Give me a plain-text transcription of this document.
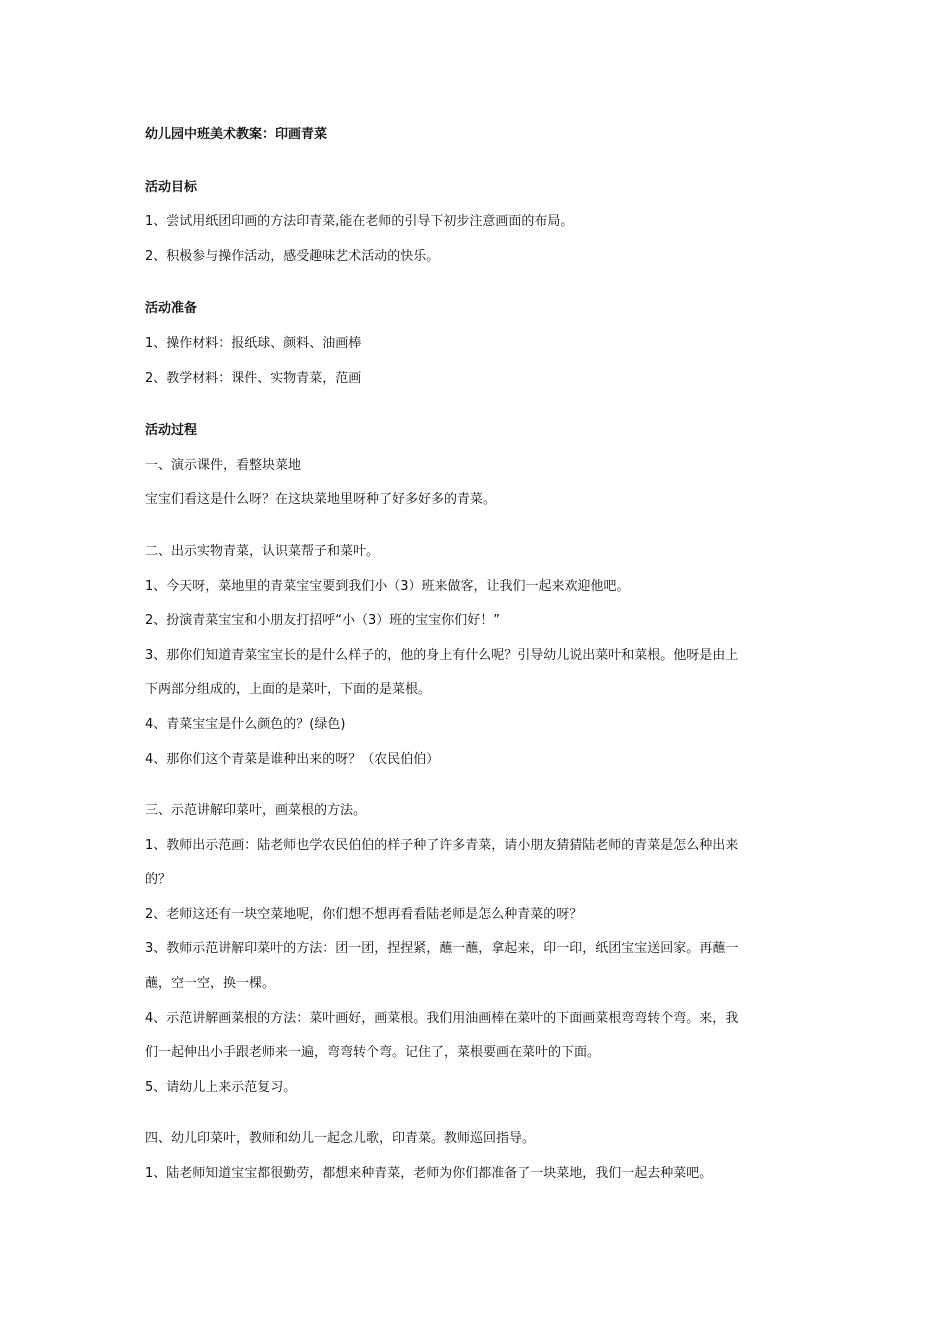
幼儿园中班美术教案：印画青菜
活动目标
1、尝试用纸团印画的方法印青菜,能在老师的引导下初步注意画面的布局。
2、积极参与操作活动，感受趣味艺术活动的快乐。
活动准备
1、操作材料：报纸球、颜料、油画棒
2、教学材料：课件、实物青菜，范画
活动过程
一、演示课件，看整块菜地
宝宝们看这是什么呀？在这块菜地里呀种了好多好多的青菜。
二、出示实物青菜，认识菜帮子和菜叶。
1、今天呀，菜地里的青菜宝宝要到我们小（3）班来做客，让我们一起来欢迎他吧。
2、扮演青菜宝宝和小朋友打招呼“小（3）班的宝宝你们好！”
3、那你们知道青菜宝宝长的是什么样子的，他的身上有什么呢？引导幼儿说出菜叶和菜根。他呀是由上
下两部分组成的，上面的是菜叶，下面的是菜根。
4、青菜宝宝是什么颜色的？(绿色)
4、那你们这个青菜是谁种出来的呀？（农民伯伯）
三、示范讲解印菜叶，画菜根的方法。
1、教师出示范画：陆老师也学农民伯伯的样子种了许多青菜，请小朋友猜猜陆老师的青菜是怎么种出来
的？
2、老师这还有一块空菜地呢，你们想不想再看看陆老师是怎么种青菜的呀？
3、教师示范讲解印菜叶的方法：团一团，捏捏紧，蘸一蘸，拿起来，印一印，纸团宝宝送回家。再蘸一
蘸，空一空，换一棵。
4、示范讲解画菜根的方法：菜叶画好，画菜根。我们用油画棒在菜叶的下面画菜根弯弯转个弯。来，我
们一起伸出小手跟老师来一遍，弯弯转个弯。记住了，菜根要画在菜叶的下面。
5、请幼儿上来示范复习。
四、幼儿印菜叶，教师和幼儿一起念儿歌，印青菜。教师巡回指导。
1、陆老师知道宝宝都很勤劳，都想来种青菜，老师为你们都准备了一块菜地，我们一起去种菜吧。
